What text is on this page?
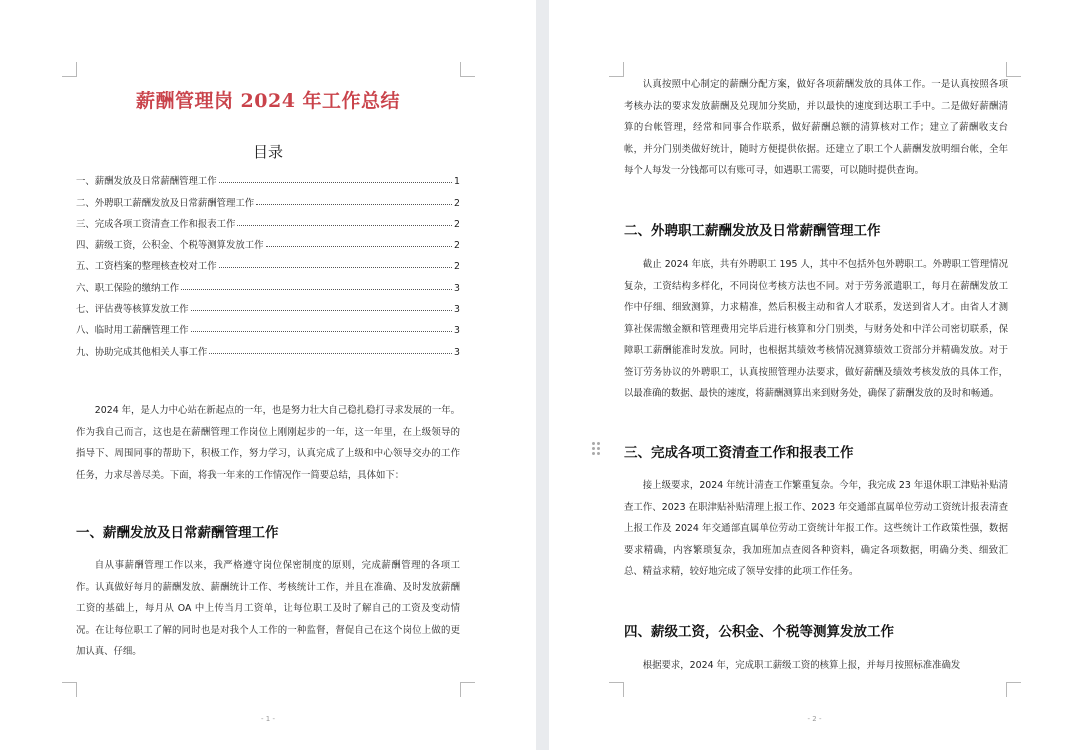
薪酬管理岗 2024 年工作总结
目录
一、薪酬发放及日常薪酬管理工作	1
二、外聘职工薪酬发放及日常薪酬管理工作	2
三、完成各项工资清查工作和报表工作	2
四、薪级工资，公积金、个税等测算发放工作	2
五、工资档案的整理核查校对工作	2
六、职工保险的缴纳工作	3
七、评估费等核算发放工作	3
八、临时用工薪酬管理工作	3
九、协助完成其他相关人事工作	3

2024 年，是人力中心站在新起点的一年，也是努力壮大自己稳扎稳打寻求发展的一年。作为我自己而言，这也是在薪酬管理工作岗位上刚刚起步的一年，这一年里，在上级领导的指导下、周围同事的帮助下，积极工作，努力学习，认真完成了上级和中心领导交办的工作任务，力求尽善尽美。下面，将我一年来的工作情况作一简要总结，具体如下：

一、薪酬发放及日常薪酬管理工作

自从事薪酬管理工作以来，我严格遵守岗位保密制度的原则，完成薪酬管理的各项工作。认真做好每月的薪酬发放、薪酬统计工作、考核统计工作，并且在准确、及时发放薪酬工资的基础上，每月从 OA 中上传当月工资单，让每位职工及时了解自己的工资及变动情况。在让每位职工了解的同时也是对我个人工作的一种监督，督促自己在这个岗位上做的更加认真、仔细。

- 1 -

认真按照中心制定的薪酬分配方案，做好各项薪酬发放的具体工作。一是认真按照各项考核办法的要求发放薪酬及兑现加分奖励，并以最快的速度到达职工手中。二是做好薪酬清算的台帐管理，经常和同事合作联系，做好薪酬总额的清算核对工作；建立了薪酬收支台帐，并分门别类做好统计，随时方便提供依据。还建立了职工个人薪酬发放明细台帐，全年每个人每发一分钱都可以有账可寻，如遇职工需要，可以随时提供查询。

二、外聘职工薪酬发放及日常薪酬管理工作

截止 2024 年底，共有外聘职工 195 人，其中不包括外包外聘职工。外聘职工管理情况复杂，工资结构多样化，不同岗位考核方法也不同。对于劳务派遣职工，每月在薪酬发放工作中仔细、细致测算，力求精准，然后积极主动和省人才联系，发送到省人才。由省人才测算社保需缴金额和管理费用完毕后进行核算和分门别类，与财务处和中洋公司密切联系，保障职工薪酬能准时发放。同时，也根据其绩效考核情况测算绩效工资部分并精确发放。对于签订劳务协议的外聘职工，认真按照管理办法要求，做好薪酬及绩效考核发放的具体工作，以最准确的数据、最快的速度，将薪酬测算出来到财务处，确保了薪酬发放的及时和畅通。

三、完成各项工资清查工作和报表工作

接上级要求，2024 年统计清查工作繁重复杂。今年，我完成 23 年退休职工津贴补贴清查工作、2023 在职津贴补贴清理上报工作、2023 年交通部直属单位劳动工资统计报表清查上报工作及 2024 年交通部直属单位劳动工资统计年报工作。这些统计工作政策性强，数据要求精确，内容繁琐复杂，我加班加点查阅各种资料，确定各项数据，明确分类、细致汇总、精益求精，较好地完成了领导安排的此项工作任务。

四、薪级工资，公积金、个税等测算发放工作

根据要求，2024 年，完成职工薪级工资的核算上报，并每月按照标准准确发

- 2 -
